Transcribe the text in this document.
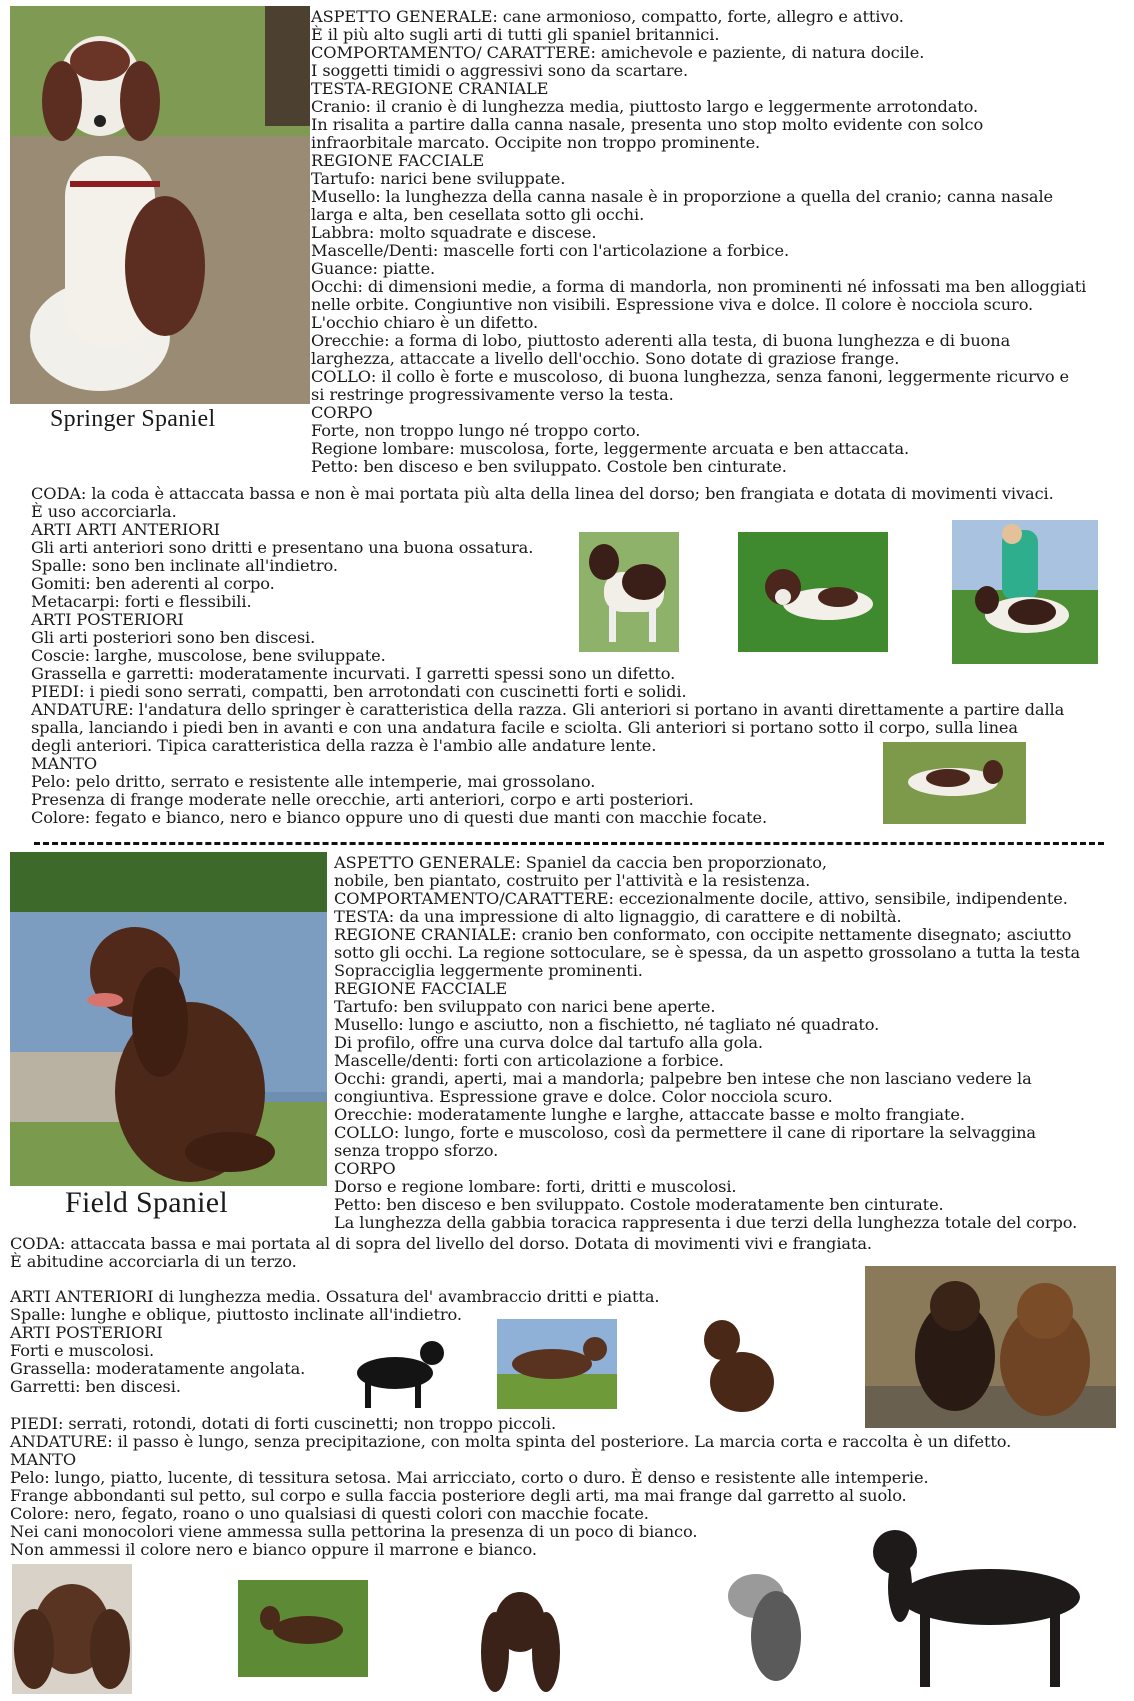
Springer Spaniel
ASPETTO GENERALE: cane armonioso, compatto, forte, allegro e attivo.
È il più alto sugli arti di tutti gli spaniel britannici.
COMPORTAMENTO/ CARATTERE: amichevole e paziente, di natura docile.
I soggetti timidi o aggressivi sono da scartare.
TESTA-REGIONE CRANIALE
Cranio: il cranio è di lunghezza media, piuttosto largo e leggermente arrotondato.
In risalita a partire dalla canna nasale, presenta uno stop molto evidente con solco
infraorbitale marcato. Occipite non troppo prominente.
REGIONE FACCIALE
Tartufo: narici bene sviluppate.
Musello: la lunghezza della canna nasale è in proporzione a quella del cranio; canna nasale
larga e alta, ben cesellata sotto gli occhi.
Labbra: molto squadrate e discese.
Mascelle/Denti: mascelle forti con l'articolazione a forbice.
Guance: piatte.
Occhi: di dimensioni medie, a forma di mandorla, non prominenti né infossati ma ben alloggiati
nelle orbite. Congiuntive non visibili. Espressione viva e dolce. Il colore è nocciola scuro.
L'occhio chiaro è un difetto.
Orecchie: a forma di lobo, piuttosto aderenti alla testa, di buona lunghezza e di buona
larghezza, attaccate a livello dell'occhio. Sono dotate di graziose frange.
COLLO: il collo è forte e muscoloso, di buona lunghezza, senza fanoni, leggermente ricurvo e
si restringe progressivamente verso la testa.
CORPO
Forte, non troppo lungo né troppo corto.
Regione lombare: muscolosa, forte, leggermente arcuata e ben attaccata.
Petto: ben disceso e ben sviluppato. Costole ben cinturate.
CODA: la coda è attaccata bassa e non è mai portata più alta della linea del dorso; ben frangiata e dotata di movimenti vivaci.
È uso accorciarla.
ARTI ARTI ANTERIORI
Gli arti anteriori sono dritti e presentano una buona ossatura.
Spalle: sono ben inclinate all'indietro.
Gomiti: ben aderenti al corpo.
Metacarpi: forti e flessibili.
ARTI POSTERIORI
Gli arti posteriori sono ben discesi.
Coscie: larghe, muscolose, bene sviluppate.
Grassella e garretti: moderatamente incurvati. I garretti spessi sono un difetto.
PIEDI: i piedi sono serrati, compatti, ben arrotondati con cuscinetti forti e solidi.
ANDATURE: l'andatura dello springer è caratteristica della razza. Gli anteriori si portano in avanti direttamente a partire dalla
spalla, lanciando i piedi ben in avanti e con una andatura facile e sciolta. Gli anteriori si portano sotto il corpo, sulla linea
degli anteriori. Tipica caratteristica della razza è l'ambio alle andature lente.
MANTO
Pelo: pelo dritto, serrato e resistente alle intemperie, mai grossolano.
Presenza di frange moderate nelle orecchie, arti anteriori, corpo e arti posteriori.
Colore: fegato e bianco, nero e bianco oppure uno di questi due manti con macchie focate.
Field Spaniel
ASPETTO GENERALE: Spaniel da caccia ben proporzionato,
nobile, ben piantato, costruito per l'attività e la resistenza.
COMPORTAMENTO/CARATTERE: eccezionalmente docile, attivo, sensibile, indipendente.
TESTA: da una impressione di alto lignaggio, di carattere e di nobiltà.
REGIONE CRANIALE: cranio ben conformato, con occipite nettamente disegnato; asciutto
sotto gli occhi. La regione sottoculare, se è spessa, da un aspetto grossolano a tutta la testa
Sopracciglia leggermente prominenti.
REGIONE FACCIALE
Tartufo: ben sviluppato con narici bene aperte.
Musello: lungo e asciutto, non a fischietto, né tagliato né quadrato.
Di profilo, offre una curva dolce dal tartufo alla gola.
Mascelle/denti: forti con articolazione a forbice.
Occhi: grandi, aperti, mai a mandorla; palpebre ben intese che non lasciano vedere la
congiuntiva. Espressione grave e dolce. Color nocciola scuro.
Orecchie: moderatamente lunghe e larghe, attaccate basse e molto frangiate.
COLLO: lungo, forte e muscoloso, così da permettere il cane di riportare la selvaggina
senza troppo sforzo.
CORPO
Dorso e regione lombare: forti, dritti e muscolosi.
Petto: ben disceso e ben sviluppato. Costole moderatamente ben cinturate.
La lunghezza della gabbia toracica rappresenta i due terzi della lunghezza totale del corpo.
CODA: attaccata bassa e mai portata al di sopra del livello del dorso. Dotata di movimenti vivi e frangiata.
È abitudine accorciarla di un terzo.
ARTI ANTERIORI di lunghezza media. Ossatura del' avambraccio dritti e piatta.
Spalle: lunghe e oblique, piuttosto inclinate all'indietro.
ARTI POSTERIORI
Forti e muscolosi.
Grassella: moderatamente angolata.
Garretti: ben discesi.
PIEDI: serrati, rotondi, dotati di forti cuscinetti; non troppo piccoli.
ANDATURE: il passo è lungo, senza precipitazione, con molta spinta del posteriore. La marcia corta e raccolta è un difetto.
MANTO
Pelo: lungo, piatto, lucente, di tessitura setosa. Mai arricciato, corto o duro. È denso e resistente alle intemperie.
Frange abbondanti sul petto, sul corpo e sulla faccia posteriore degli arti, ma mai frange dal garretto al suolo.
Colore: nero, fegato, roano o uno qualsiasi di questi colori con macchie focate.
Nei cani monocolori viene ammessa sulla pettorina la presenza di un poco di bianco.
Non ammessi il colore nero e bianco oppure il marrone e bianco.
